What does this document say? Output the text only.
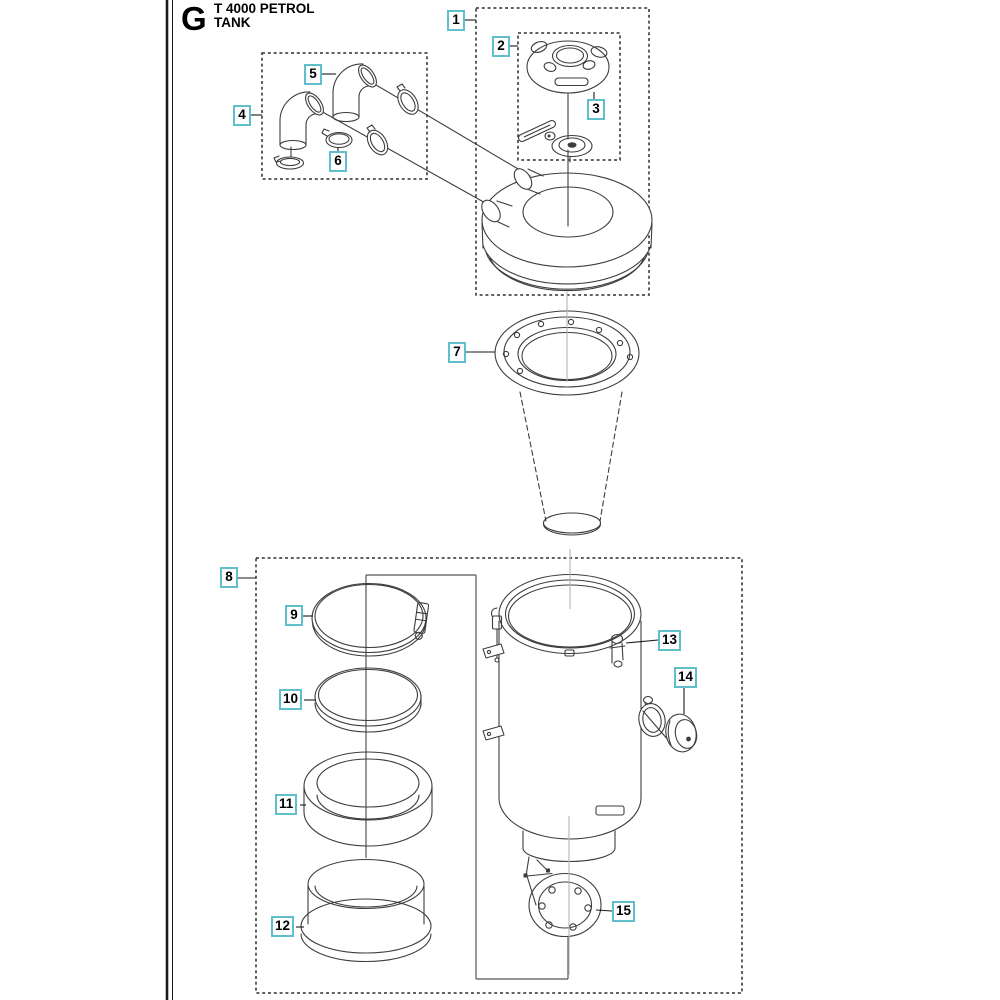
G T 4000 PETROL
TANK	1
2
3
4
5
6
7
8
9
10
11
12
13
14
15
